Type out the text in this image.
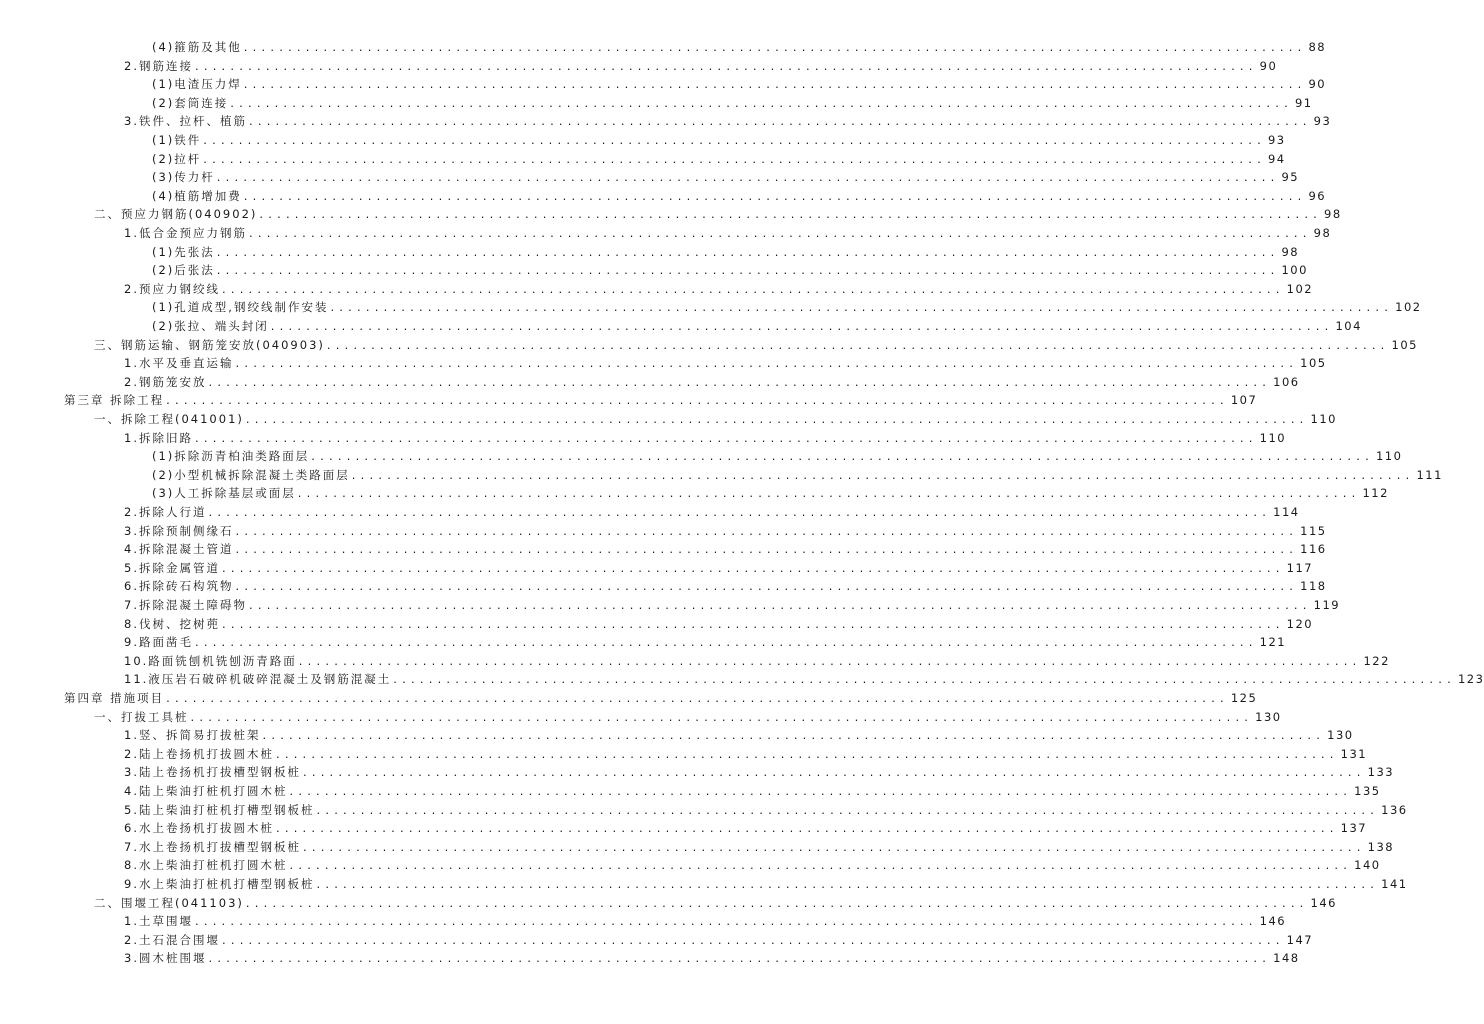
(4)箍筋及其他 ........................................................................................................................ 88
2.钢筋连接 ........................................................................................................................ 90
(1)电渣压力焊 ........................................................................................................................ 90
(2)套筒连接 ........................................................................................................................ 91
3.铁件、拉杆、植筋 ........................................................................................................................ 93
(1)铁件 ........................................................................................................................ 93
(2)拉杆 ........................................................................................................................ 94
(3)传力杆 ........................................................................................................................ 95
(4)植筋增加费 ........................................................................................................................ 96
二、预应力钢筋(040902) ........................................................................................................................ 98
1.低合金预应力钢筋 ........................................................................................................................ 98
(1)先张法 ........................................................................................................................ 98
(2)后张法 ........................................................................................................................ 100
2.预应力钢绞线 ........................................................................................................................ 102
(1)孔道成型,钢绞线制作安装 ........................................................................................................................ 102
(2)张拉、端头封闭 ........................................................................................................................ 104
三、钢筋运输、钢筋笼安放(040903) ........................................................................................................................ 105
1.水平及垂直运输 ........................................................................................................................ 105
2.钢筋笼安放 ........................................................................................................................ 106
第三章 拆除工程 ........................................................................................................................ 107
一、拆除工程(041001) ........................................................................................................................ 110
1.拆除旧路 ........................................................................................................................ 110
(1)拆除沥青柏油类路面层 ........................................................................................................................ 110
(2)小型机械拆除混凝土类路面层 ........................................................................................................................ 111
(3)人工拆除基层或面层 ........................................................................................................................ 112
2.拆除人行道 ........................................................................................................................ 114
3.拆除预制侧缘石 ........................................................................................................................ 115
4.拆除混凝土管道 ........................................................................................................................ 116
5.拆除金属管道 ........................................................................................................................ 117
6.拆除砖石构筑物 ........................................................................................................................ 118
7.拆除混凝土障碍物 ........................................................................................................................ 119
8.伐树、挖树蔸 ........................................................................................................................ 120
9.路面凿毛 ........................................................................................................................ 121
10.路面铣刨机铣刨沥青路面 ........................................................................................................................ 122
11.液压岩石破碎机破碎混凝土及钢筋混凝土 ........................................................................................................................ 123
第四章 措施项目 ........................................................................................................................ 125
一、打拔工具桩 ........................................................................................................................ 130
1.竖、拆简易打拔桩架 ........................................................................................................................ 130
2.陆上卷扬机打拔圆木桩 ........................................................................................................................ 131
3.陆上卷扬机打拔槽型钢板桩 ........................................................................................................................ 133
4.陆上柴油打桩机打圆木桩 ........................................................................................................................ 135
5.陆上柴油打桩机打槽型钢板桩 ........................................................................................................................ 136
6.水上卷扬机打拔圆木桩 ........................................................................................................................ 137
7.水上卷扬机打拔槽型钢板桩 ........................................................................................................................ 138
8.水上柴油打桩机打圆木桩 ........................................................................................................................ 140
9.水上柴油打桩机打槽型钢板桩 ........................................................................................................................ 141
二、围堰工程(041103) ........................................................................................................................ 146
1.土草围堰 ........................................................................................................................ 146
2.土石混合围堰 ........................................................................................................................ 147
3.圆木桩围堰 ........................................................................................................................ 148
